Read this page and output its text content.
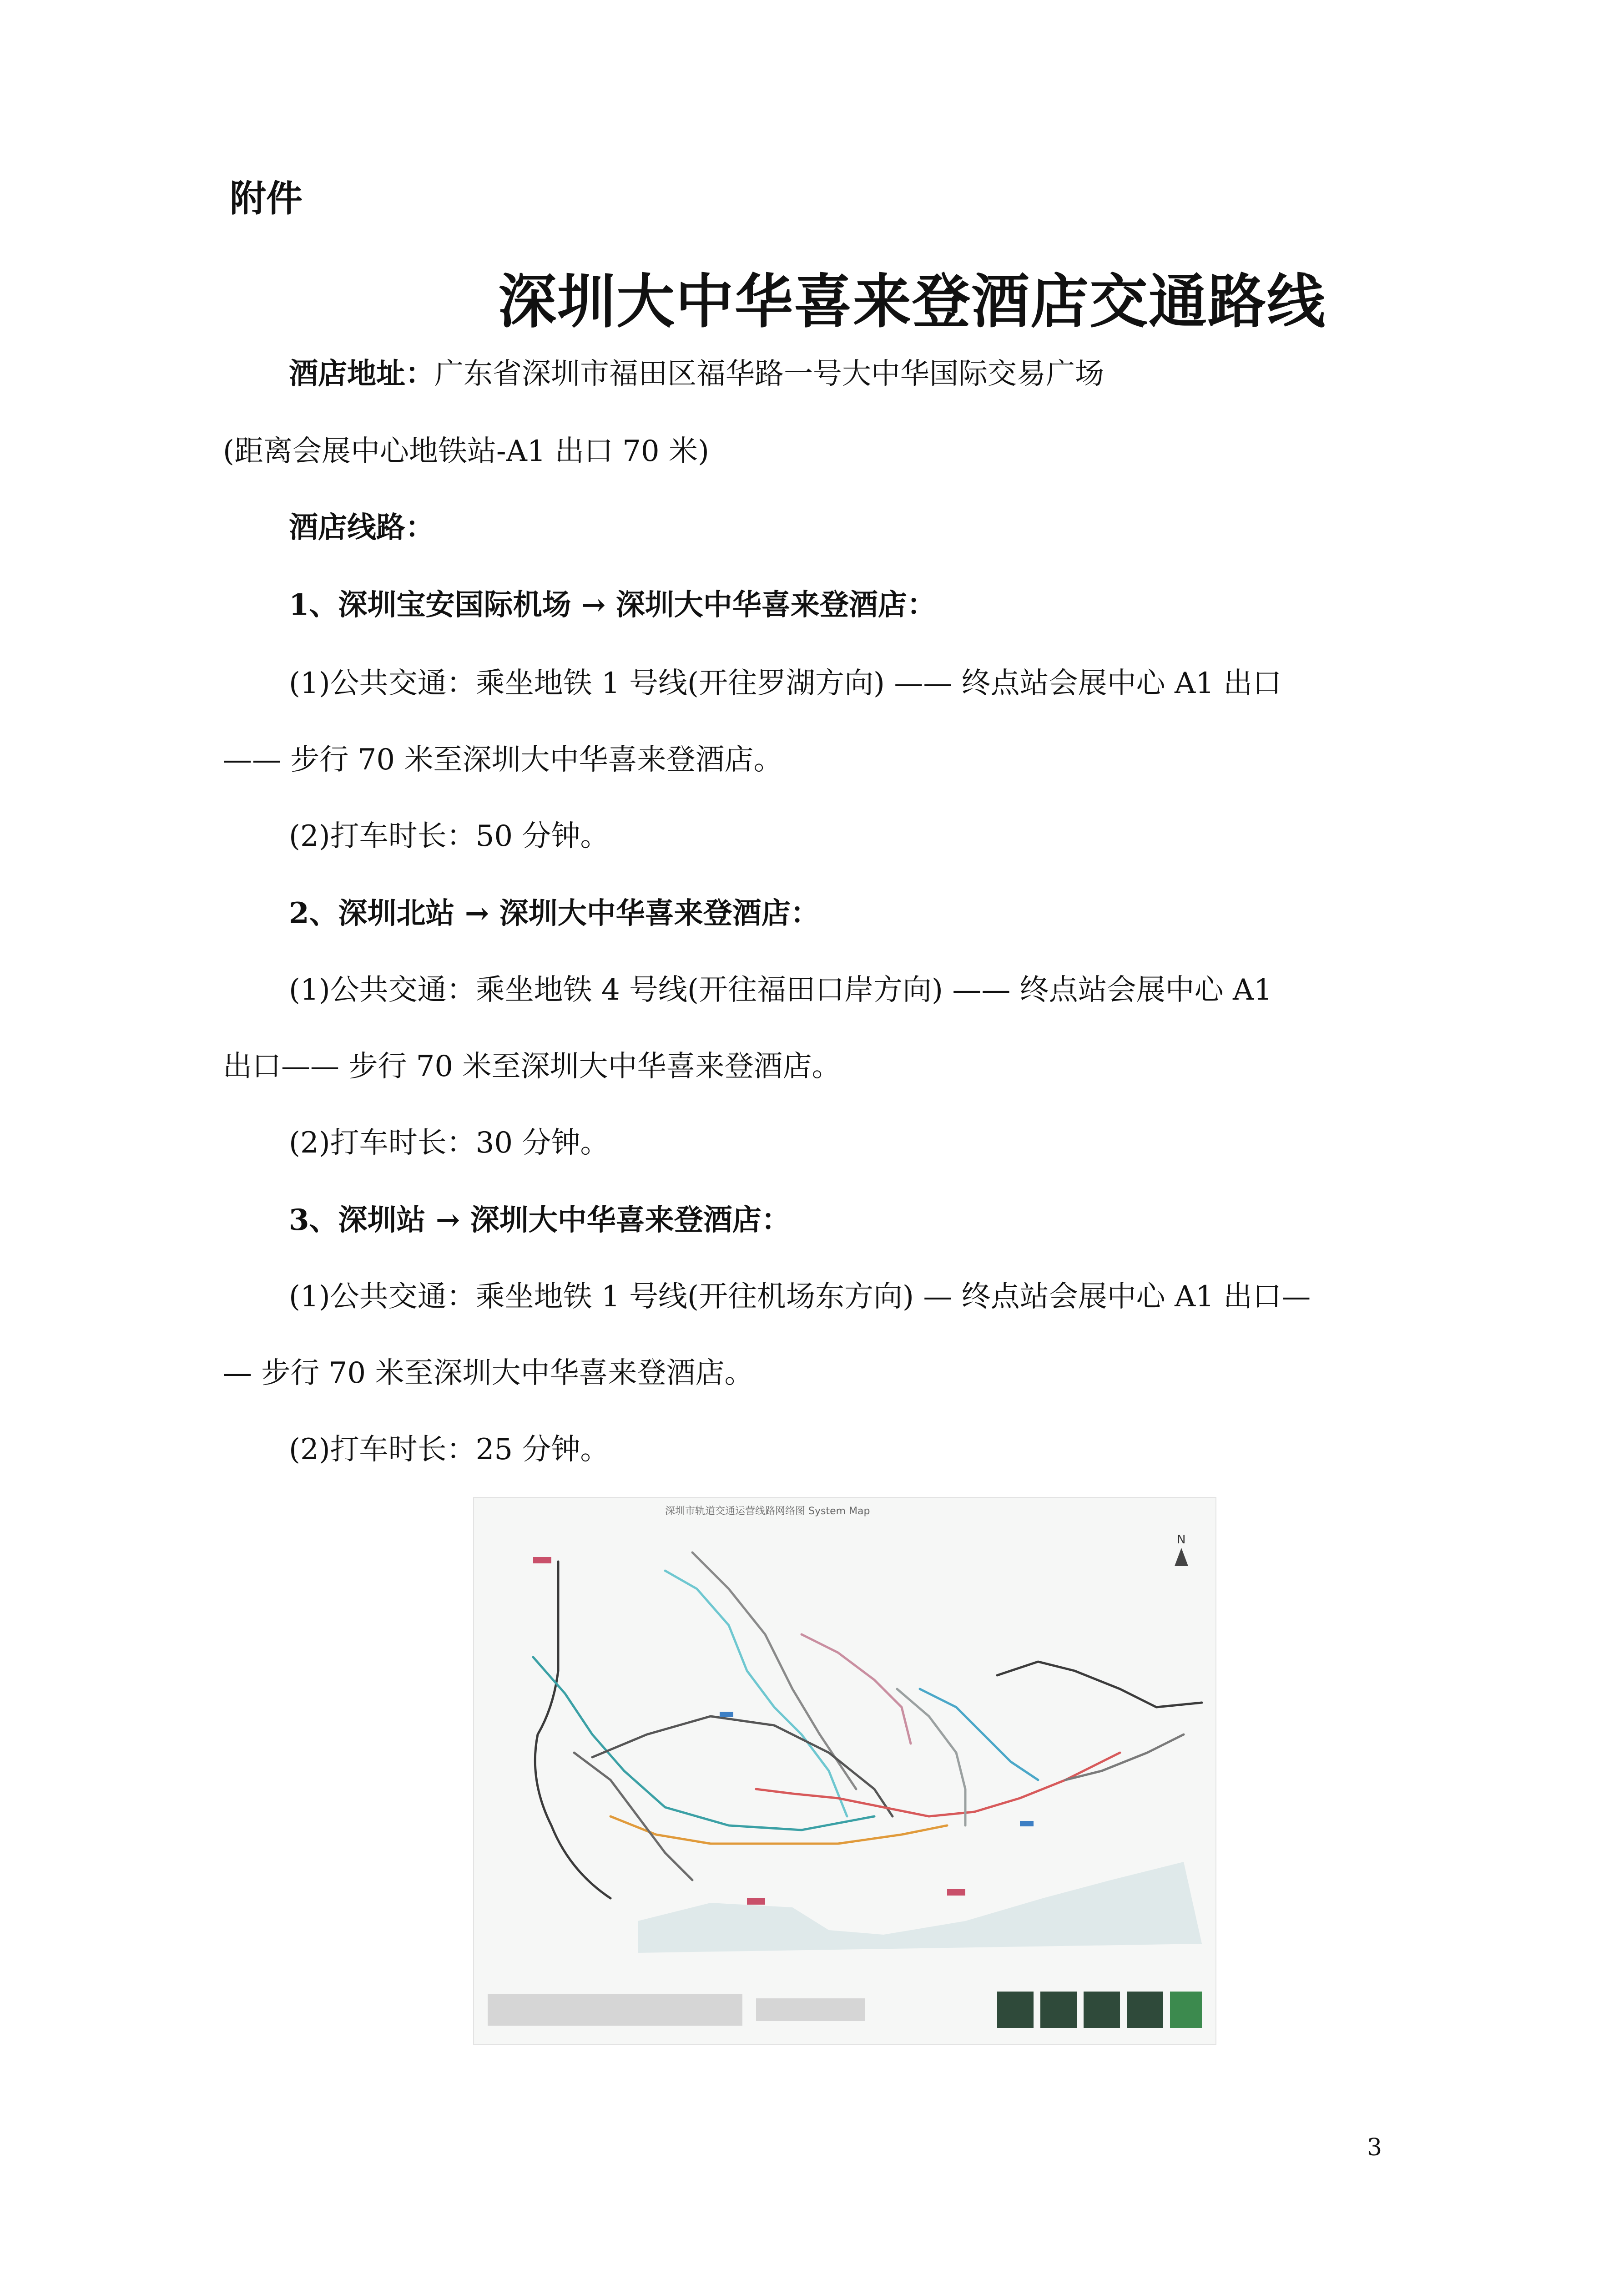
附件
深圳大中华喜来登酒店交通路线
酒店地址：广东省深圳市福田区福华路一号大中华国际交易广场
(距离会展中心地铁站-A1 出口 70 米)
酒店线路：
1、深圳宝安国际机场 → 深圳大中华喜来登酒店：
(1)公共交通：乘坐地铁 1 号线(开往罗湖方向) —— 终点站会展中心 A1 出口
—— 步行 70 米至深圳大中华喜来登酒店。
(2)打车时长：50 分钟。
2、深圳北站 → 深圳大中华喜来登酒店：
(1)公共交通：乘坐地铁 4 号线(开往福田口岸方向) —— 终点站会展中心 A1
出口—— 步行 70 米至深圳大中华喜来登酒店。
(2)打车时长：30 分钟。
3、深圳站 → 深圳大中华喜来登酒店：
(1)公共交通：乘坐地铁 1 号线(开往机场东方向) — 终点站会展中心 A1 出口—
— 步行 70 米至深圳大中华喜来登酒店。
(2)打车时长：25 分钟。
深圳市轨道交通运营线路网络图 System Map
N
3
